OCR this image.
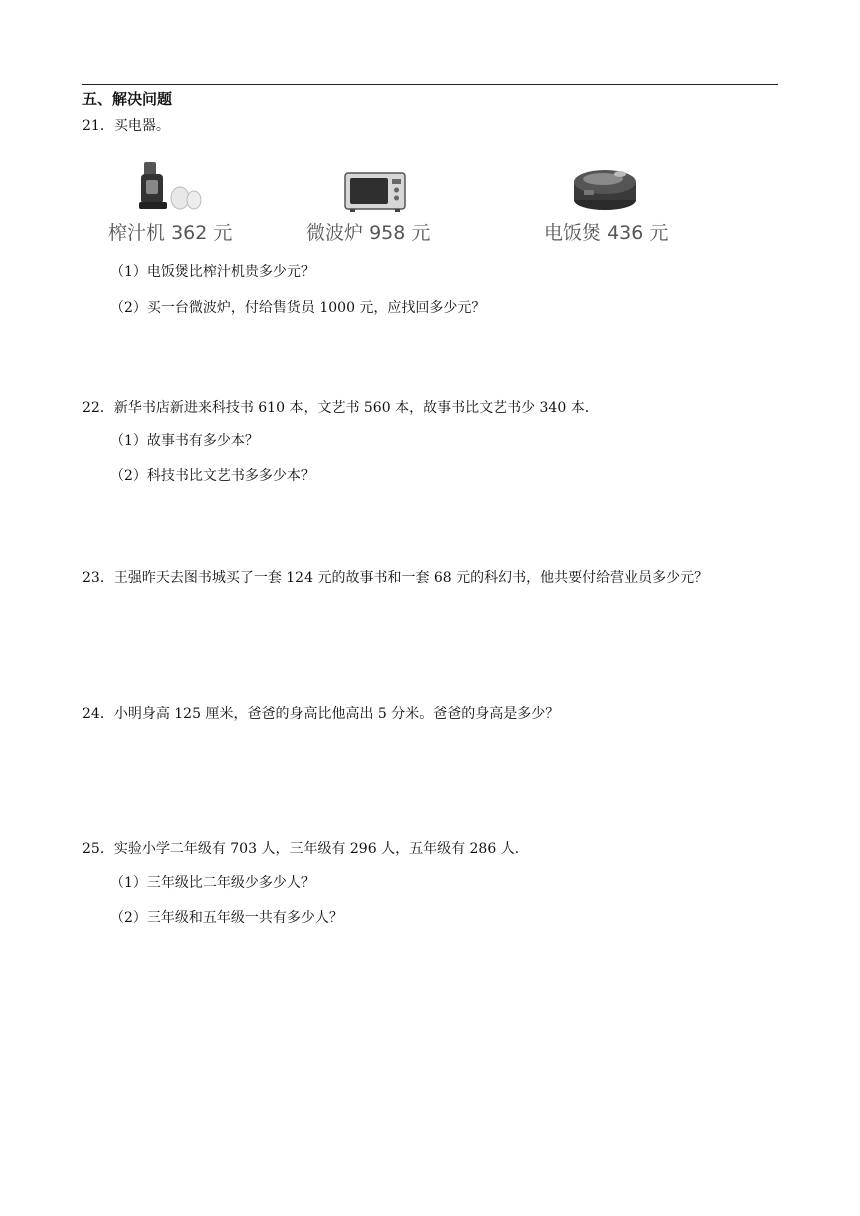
五、解决问题
21．买电器。
榨汁机 362 元	微波炉 958 元	电饭煲 436 元
（1）电饭煲比榨汁机贵多少元？
（2）买一台微波炉，付给售货员 1000 元，应找回多少元？
22．新华书店新进来科技书 610 本，文艺书 560 本，故事书比文艺书少 340 本．
（1）故事书有多少本？
（2）科技书比文艺书多多少本？
23．王强昨天去图书城买了一套 124 元的故事书和一套 68 元的科幻书，他共要付给营业员多少元？
24．小明身高 125 厘米，爸爸的身高比他高出 5 分米。爸爸的身高是多少？
25．实验小学二年级有 703 人，三年级有 296 人，五年级有 286 人．
（1）三年级比二年级少多少人？
（2）三年级和五年级一共有多少人？
